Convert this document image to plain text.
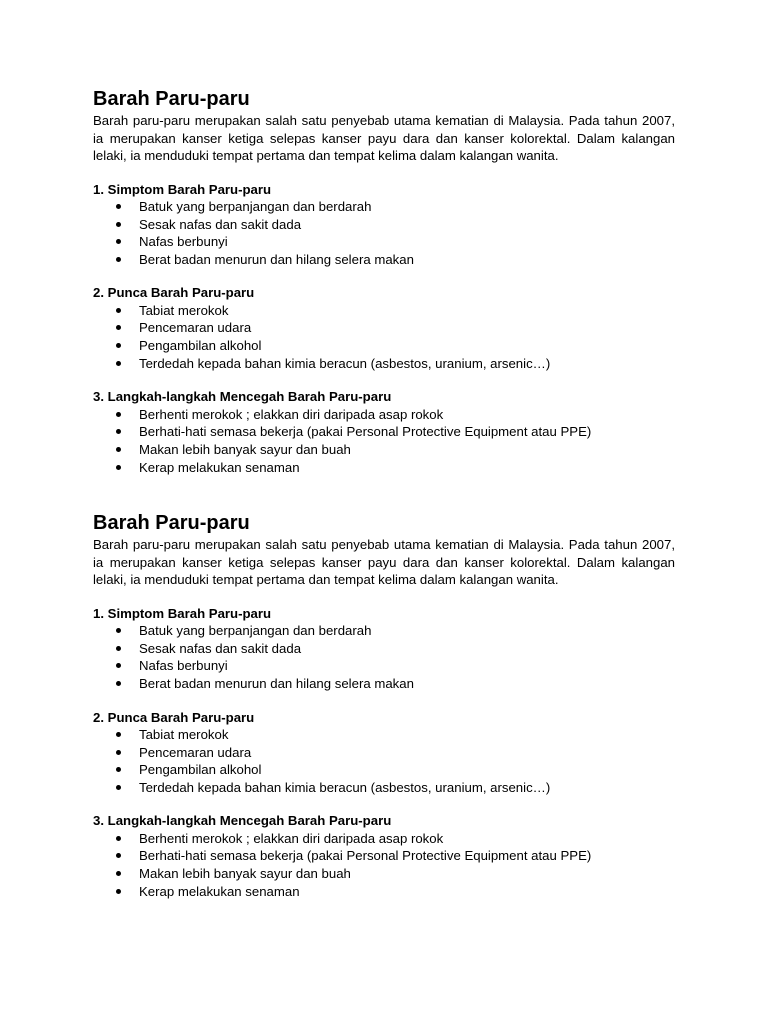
Barah Paru-paru

Barah paru-paru merupakan salah satu penyebab utama kematian di Malaysia. Pada tahun 2007, ia merupakan kanser ketiga selepas kanser payu dara dan kanser kolorektal. Dalam kalangan lelaki, ia menduduki tempat pertama dan tempat kelima dalam kalangan wanita.

1. Simptom Barah Paru-paru
Batuk yang berpanjangan dan berdarah
Sesak nafas dan sakit dada
Nafas berbunyi
Berat badan menurun dan hilang selera makan
2. Punca Barah Paru-paru
Tabiat merokok
Pencemaran udara
Pengambilan alkohol
Terdedah kepada bahan kimia beracun (asbestos, uranium, arsenic…)
3. Langkah-langkah Mencegah Barah Paru-paru
Berhenti merokok ; elakkan diri daripada asap rokok
Berhati-hati semasa bekerja (pakai Personal Protective Equipment atau PPE)
Makan lebih banyak sayur dan buah
Kerap melakukan senaman
Barah Paru-paru

Barah paru-paru merupakan salah satu penyebab utama kematian di Malaysia. Pada tahun 2007, ia merupakan kanser ketiga selepas kanser payu dara dan kanser kolorektal. Dalam kalangan lelaki, ia menduduki tempat pertama dan tempat kelima dalam kalangan wanita.

1. Simptom Barah Paru-paru
Batuk yang berpanjangan dan berdarah
Sesak nafas dan sakit dada
Nafas berbunyi
Berat badan menurun dan hilang selera makan
2. Punca Barah Paru-paru
Tabiat merokok
Pencemaran udara
Pengambilan alkohol
Terdedah kepada bahan kimia beracun (asbestos, uranium, arsenic…)
3. Langkah-langkah Mencegah Barah Paru-paru
Berhenti merokok ; elakkan diri daripada asap rokok
Berhati-hati semasa bekerja (pakai Personal Protective Equipment atau PPE)
Makan lebih banyak sayur dan buah
Kerap melakukan senaman
